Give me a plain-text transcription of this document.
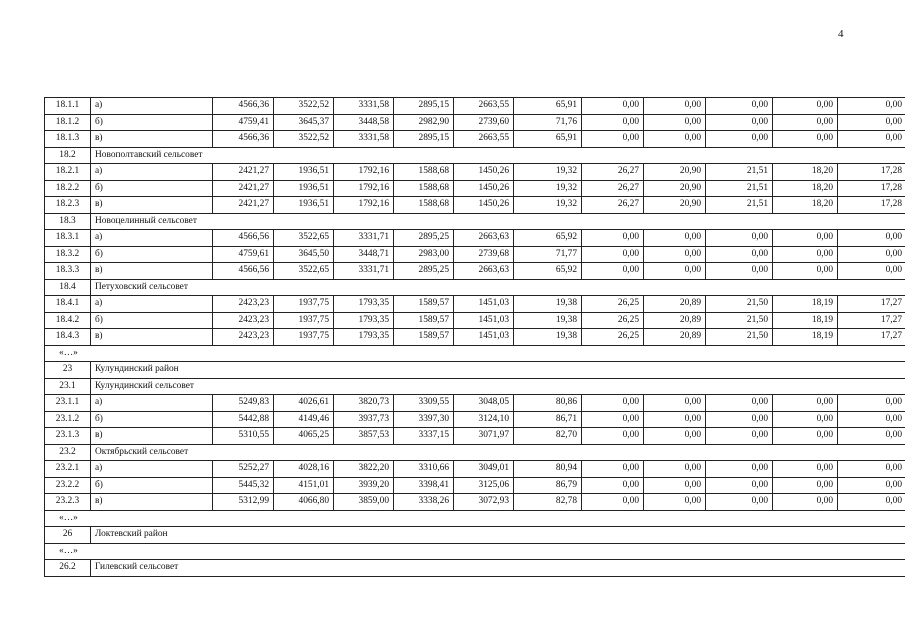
4
18.1.1	а)	4566,36	3522,52	3331,58	2895,15	2663,55	65,91	0,00	0,00	0,00	0,00	0,00
18.1.2	б)	4759,41	3645,37	3448,58	2982,90	2739,60	71,76	0,00	0,00	0,00	0,00	0,00
18.1.3	в)	4566,36	3522,52	3331,58	2895,15	2663,55	65,91	0,00	0,00	0,00	0,00	0,00
18.2	Новополтавский сельсовет											
18.2.1	а)	2421,27	1936,51	1792,16	1588,68	1450,26	19,32	26,27	20,90	21,51	18,20	17,28
18.2.2	б)	2421,27	1936,51	1792,16	1588,68	1450,26	19,32	26,27	20,90	21,51	18,20	17,28
18.2.3	в)	2421,27	1936,51	1792,16	1588,68	1450,26	19,32	26,27	20,90	21,51	18,20	17,28
18.3	Новоцелинный сельсовет											
18.3.1	а)	4566,56	3522,65	3331,71	2895,25	2663,63	65,92	0,00	0,00	0,00	0,00	0,00
18.3.2	б)	4759,61	3645,50	3448,71	2983,00	2739,68	71,77	0,00	0,00	0,00	0,00	0,00
18.3.3	в)	4566,56	3522,65	3331,71	2895,25	2663,63	65,92	0,00	0,00	0,00	0,00	0,00
18.4	Петуховский сельсовет											
18.4.1	а)	2423,23	1937,75	1793,35	1589,57	1451,03	19,38	26,25	20,89	21,50	18,19	17,27
18.4.2	б)	2423,23	1937,75	1793,35	1589,57	1451,03	19,38	26,25	20,89	21,50	18,19	17,27
18.4.3	в)	2423,23	1937,75	1793,35	1589,57	1451,03	19,38	26,25	20,89	21,50	18,19	17,27
«…»												
23	Кулундинский район											
23.1	Кулундинский сельсовет											
23.1.1	а)	5249,83	4026,61	3820,73	3309,55	3048,05	80,86	0,00	0,00	0,00	0,00	0,00
23.1.2	б)	5442,88	4149,46	3937,73	3397,30	3124,10	86,71	0,00	0,00	0,00	0,00	0,00
23.1.3	в)	5310,55	4065,25	3857,53	3337,15	3071,97	82,70	0,00	0,00	0,00	0,00	0,00
23.2	Октябрьский сельсовет											
23.2.1	а)	5252,27	4028,16	3822,20	3310,66	3049,01	80,94	0,00	0,00	0,00	0,00	0,00
23.2.2	б)	5445,32	4151,01	3939,20	3398,41	3125,06	86,79	0,00	0,00	0,00	0,00	0,00
23.2.3	в)	5312,99	4066,80	3859,00	3338,26	3072,93	82,78	0,00	0,00	0,00	0,00	0,00
«…»												
26	Локтевский район											
«…»												
26.2	Гилевский сельсовет											
